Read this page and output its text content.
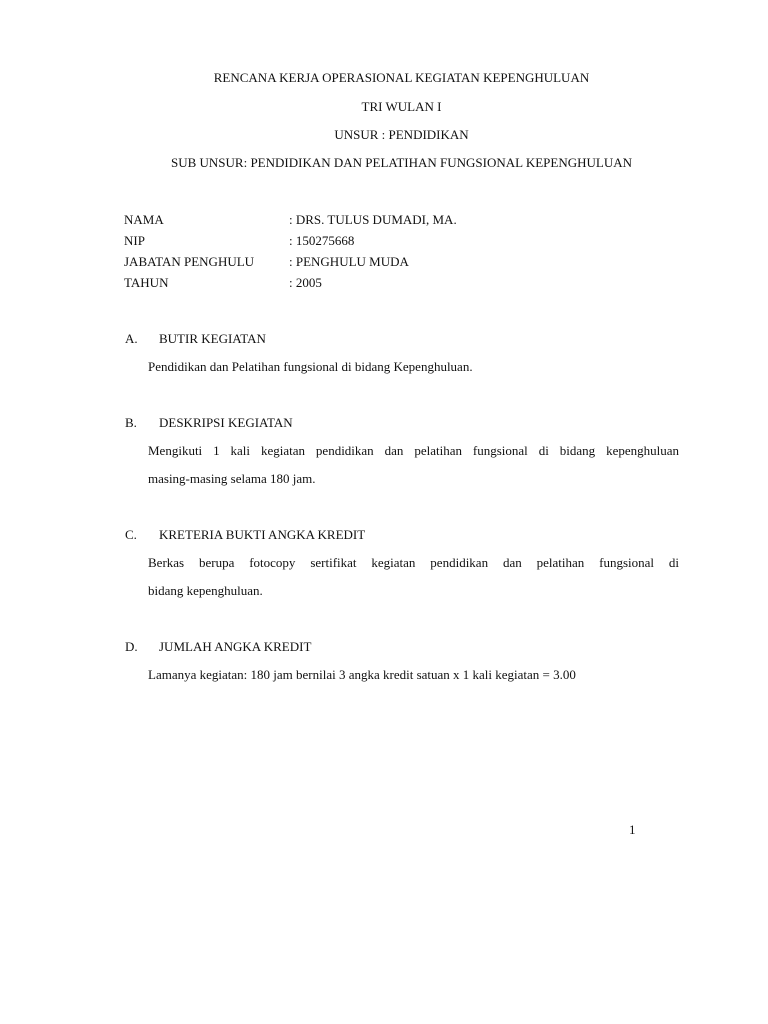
RENCANA KERJA OPERASIONAL KEGIATAN KEPENGHULUAN
TRI WULAN I
UNSUR : PENDIDIKAN
SUB UNSUR: PENDIDIKAN DAN PELATIHAN FUNGSIONAL KEPENGHULUAN
NAMA	: DRS. TULUS DUMADI, MA.
NIP	: 150275668
JABATAN PENGHULU	: PENGHULU MUDA
TAHUN	: 2005
A. BUTIR KEGIATAN
Pendidikan dan Pelatihan fungsional di bidang Kepenghuluan.
B. DESKRIPSI KEGIATAN
Mengikuti 1 kali kegiatan pendidikan dan pelatihan fungsional di bidang kepenghuluan
masing-masing selama 180 jam.
C. KRETERIA BUKTI ANGKA KREDIT
Berkas berupa fotocopy sertifikat kegiatan pendidikan dan pelatihan fungsional di
bidang kepenghuluan.
D. JUMLAH ANGKA KREDIT
Lamanya kegiatan: 180 jam bernilai 3 angka kredit satuan x 1 kali kegiatan = 3.00
1
